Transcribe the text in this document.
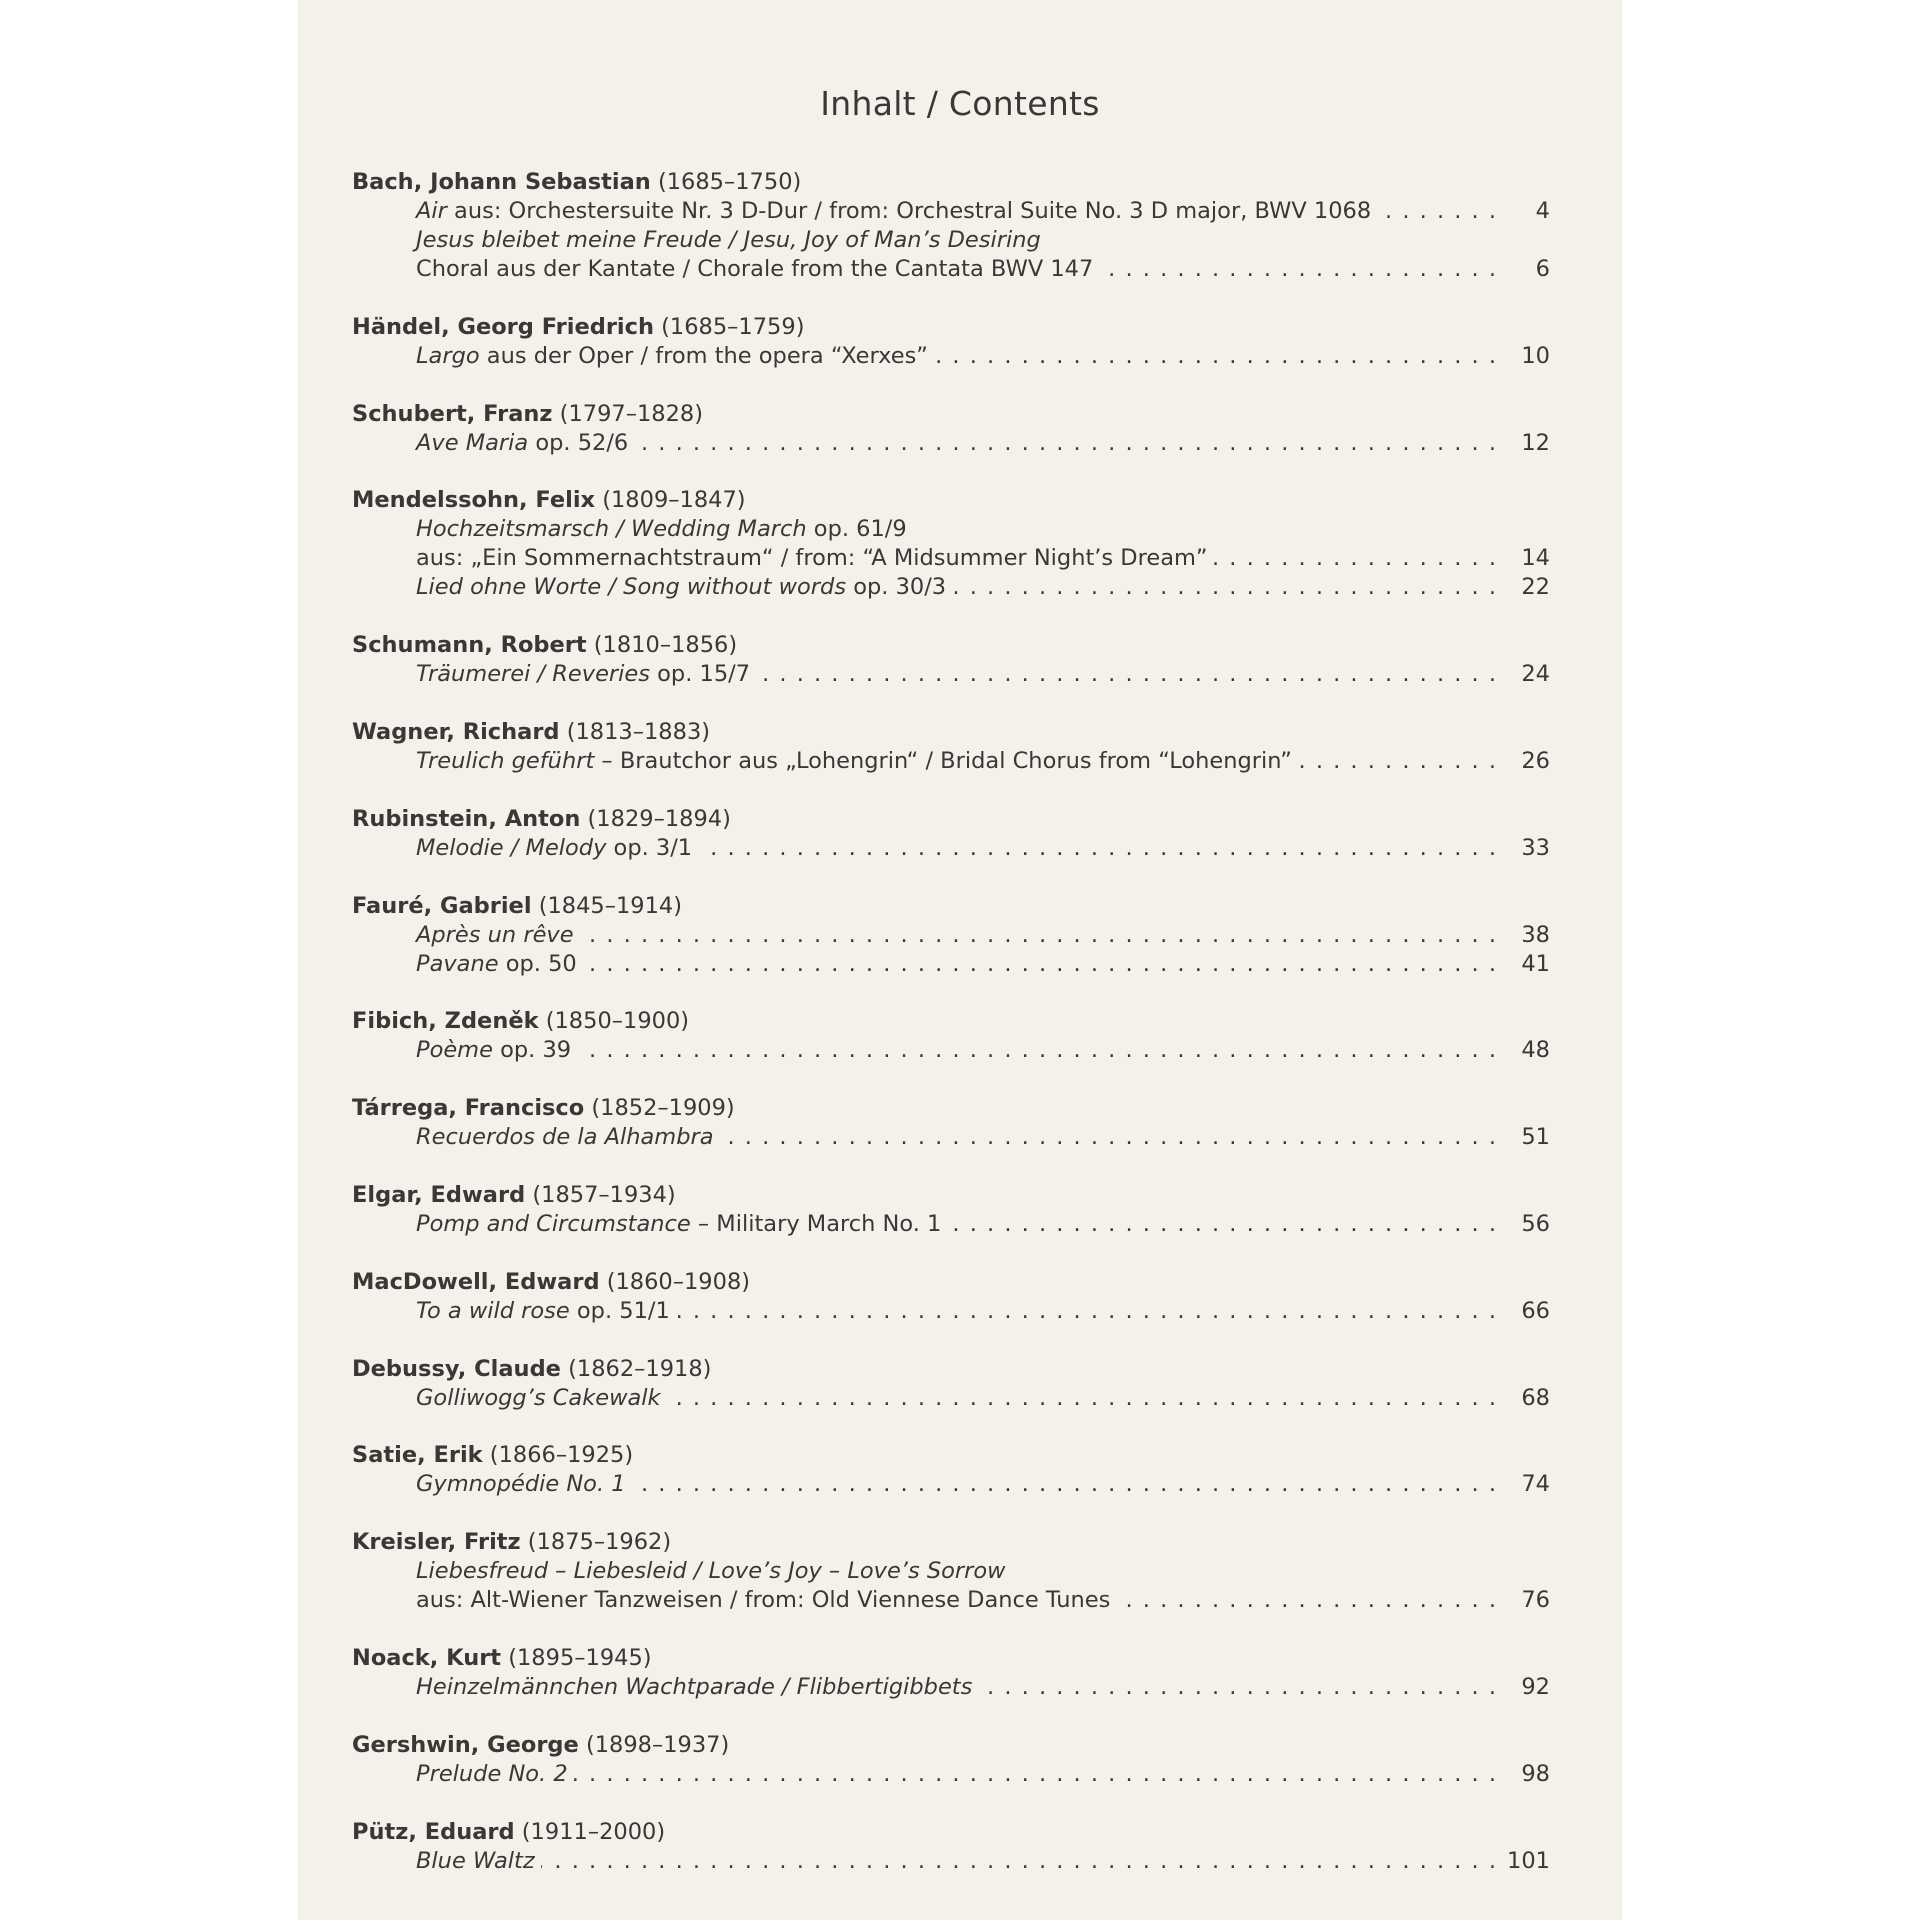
Inhalt / Contents
Bach, Johann Sebastian (1685–1750)
Air aus: Orchestersuite Nr. 3 D-Dur / from: Orchestral Suite No. 3 D major, BWV 1068	4
. . .
Jesus bleibet meine Freude / Jesu, Joy of Man’s Desiring
Choral aus der Kantate / Chorale from the Cantata BWV 147	6
. . .
Händel, Georg Friedrich (1685–1759)
Largo aus der Oper / from the opera “Xerxes”	10
. . .
Schubert, Franz (1797–1828)
Ave Maria op. 52/6	12
. . .
Mendelssohn, Felix (1809–1847)
Hochzeitsmarsch / Wedding March op. 61/9
aus: „Ein Sommernachtstraum“ / from: “A Midsummer Night’s Dream”	14
. . .
Lied ohne Worte / Song without words op. 30/3	22
. . .
Schumann, Robert (1810–1856)
Träumerei / Reveries op. 15/7	24
. . .
Wagner, Richard (1813–1883)
Treulich geführt – Brautchor aus „Lohengrin“ / Bridal Chorus from “Lohengrin”	26
. . .
Rubinstein, Anton (1829–1894)
Melodie / Melody op. 3/1	33
. . .
Fauré, Gabriel (1845–1914)
Après un rêve	38
. . .
Pavane op. 50	41
. . .
Fibich, Zdeněk (1850–1900)
Poème op. 39	48
. . .
Tárrega, Francisco (1852–1909)
Recuerdos de la Alhambra	51
. . .
Elgar, Edward (1857–1934)
Pomp and Circumstance – Military March No. 1	56
. . .
MacDowell, Edward (1860–1908)
To a wild rose op. 51/1	66
. . .
Debussy, Claude (1862–1918)
Golliwogg’s Cakewalk	68
. . .
Satie, Erik (1866–1925)
Gymnopédie No. 1	74
. . .
Kreisler, Fritz (1875–1962)
Liebesfreud – Liebesleid / Love’s Joy – Love’s Sorrow
aus: Alt-Wiener Tanzweisen / from: Old Viennese Dance Tunes	76
. . .
Noack, Kurt (1895–1945)
Heinzelmännchen Wachtparade / Flibbertigibbets	92
. . .
Gershwin, George (1898–1937)
Prelude No. 2	98
. . .
Pütz, Eduard (1911–2000)
Blue Waltz	101
. . .
